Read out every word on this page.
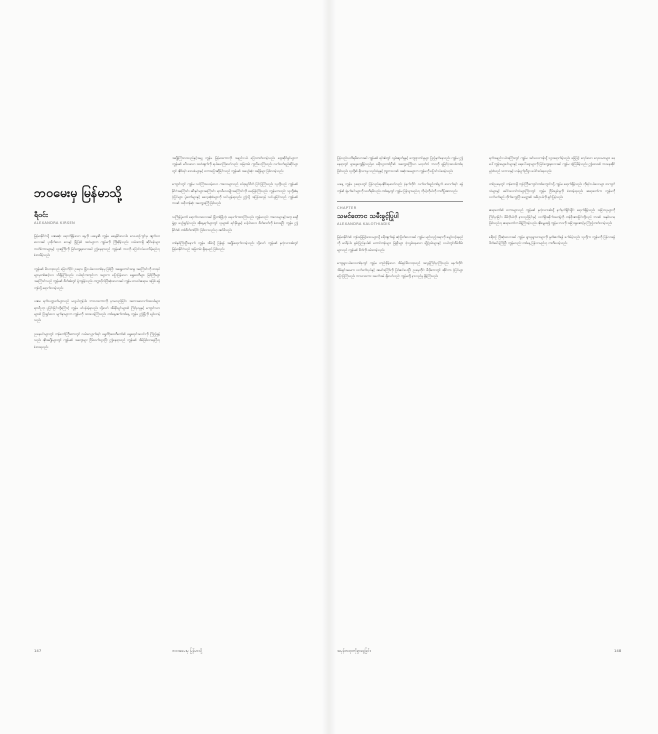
ဘဝမေးမှ မြန်မာသို့
ရီဝင်း
ALEXANDRA KIRSEN

မြန်မာနိုင်ငံသို့ ပထမဆုံး ရောက်ရှိခဲ့သော နေ့ကို ယနေ့ထိ ကျွန်မ မမေ့နိုင်သေးပါ။ လေယာဉ်ကွင်းမှ ထွက်လာသောအခါ ပူအိုက်သော လေနှင့် မြို့ပြ၏ အသံများက ကျွန်မကို ကြိုဆိုခဲ့သည်။ လမ်းဘေးရှိ ဆိုင်ခန်းများ၊ ဘတ်စ်ကားများနှင့် လူထုကြီးကို မြင်တွေ့ရသောအခါ ဤနေရာသည် ကျွန်မ၏ ဘဝကို ပြောင်းလဲပေးလိမ့်မည်ဟု ခံစားမိခဲ့သည်။

ကျွန်မ၏ မိသားစုသည် မြောက်ပိုင်း ဥရောပ မြို့ငယ်လေးတစ်ခုမှ ဖြစ်ပြီး အရှေ့တောင်အာရှ အကြောင်းကို စာအုပ်များမှတစ်ဆင့်သာ သိရှိခဲ့ကြသည်။ ငယ်စဉ်ကတည်းက အဖွားက ပြောပြခဲ့သော ရွှေစေတီများ၊ မြစ်ကြီးများ အကြောင်းသည် ကျွန်မ၏ စိတ်ထဲတွင် စွဲကျန်ခဲ့သည်။ တက္ကသိုလ်ပြီးဆုံးသောအခါ ကျွန်မ စာသင်ဆရာမ အဖြစ် ရန်ကုန်သို့ ရောက်လာခဲ့သည်။

ပထမ ရက်သတ္တပတ်များသည် မလွယ်ကူခဲ့ပါ။ ဘာသာစကားကို နားမလည်ခြင်း၊ အစားအသောက်အသစ်များ၊ ရာသီဥတု ပူပြင်းခြင်းတို့ကြောင့် ကျွန်မ ပင်ပန်းခဲ့ရသည်။ သို့သော် အိမ်နီးချင်းများ၏ ကြင်နာမှုနှင့် ကျောင်းသားများ၏ ပြုံးရွှင်သော မျက်နှာများက ကျွန်မကို အားပေးခဲ့ကြသည်။ တစ်နေ့ထက်တစ်နေ့ ကျွန်မ ဤမြို့ကို ချစ်လာခဲ့သည်။

ညနေခင်းများတွင် ကန်တော်ကြီးဘေးတွင် လမ်းလျှောက်ရင်း ရွှေတိဂုံစေတီတော်၏ ရွှေရောင်အလင်းကို ကြည့်ရှုခဲ့သည်။ ထိုအချိန်များတွင် ကျွန်မ၏ အတွေးများ ငြိမ်သက်သွားပြီး ဤနေရာသည် ကျွန်မ၏ အိမ်ဖြစ်လာနေပြီဟု ခံစားရသည်။

အချိန်ကြာလာသည်နှင့်အမျှ ကျွန်မ မြန်မာစကားကို အနည်းငယ် ပြောတတ်လာခဲ့သည်။ ဈေးဆိုင်ရှင်များက ကျွန်မ၏ မပီသသော အသံထွက်ကို ရယ်မောကြသော်လည်း အမြဲတမ်း ကူညီပေးကြသည်။ လက်ဖက်ရည်ဆိုင်များတွင် ထိုင်ရင်း ဒေသခံများနှင့် စကားပြောဆိုခြင်းသည် ကျွန်မ၏ အပျော်ဆုံး အချိန်များ ဖြစ်လာခဲ့သည်။

ကျောင်းတွင် ကျွန်မ သင်ကြားပေးခဲ့သော ကလေးများသည် စပ်စုချင်စိတ် ပြင်းပြကြသည်။ သူတို့သည် ကျွန်မ၏ နိုင်ငံအကြောင်း၊ ဆီးနှင်းများအကြောင်း၊ ရာသီလေးမျိုးအကြောင်းကို မေးမြန်းကြသည်။ ကျွန်မကလည်း သူတို့ထံမှ ပုံပြင်များ၊ ပွဲတော်များနှင့် ဓလေ့ထုံးစံများကို သင်ယူခဲ့ရသည်။ ဤသို့ အပြန်အလှန် သင်ယူခြင်းသည် ကျွန်မ၏ ဘဝ၏ အဖိုးတန်ဆုံး အတွေ့အကြုံ ဖြစ်သည်။

သင်္ကြန်ပွဲတော် ရောက်လာသောအခါ မြို့တစ်မြို့လုံး ရေပက်ကစားကြသည်။ ကျွန်မလည်း ကလေးများနှင့်အတူ ရေစိုရွှဲစွာ ပျော်ရွှင်ခဲ့သည်။ ထိုနေ့ရက်များတွင် လူများ၏ ရင်းနှီးမှုနှင့် ပေါ့ပါးသော စိတ်ဓာတ်ကို ခံစားရပြီး ကျွန်မ ဤနိုင်ငံ၏ တစ်စိတ်တစ်ပိုင်း ဖြစ်လာသည်ဟု ထင်မိသည်။

တစ်နှစ်ကြာပြီးနောက် ကျွန်မ အိမ်သို့ ပြန်ရန် အချိန်ရောက်လာခဲ့သည်။ သို့သော် ကျွန်မ၏ နှလုံးသားထဲတွင် မြန်မာနိုင်ငံသည် အမြဲတမ်း ရှိနေမည် ဖြစ်သည်။

147	ဘဝအမေးမှ မြန်မာသို့

ပြန်လည်သတိရမိသောအခါ ကျွန်မ၏ ရင်ထဲတွင် လွမ်းဆွတ်မှုနှင့် ကျေးဇူးတင်မှုများ ပြည့်နှက်နေသည်။ ကျွန်မ ဤနေရာတွင် ရှာဖွေတွေ့ရှိခဲ့သည်မှာ ခရီးသွားတစ်ဦး၏ အတွေ့အကြုံသာ မဟုတ်ဘဲ ဘဝကို ရှုမြင်ပုံအသစ်တစ်ခု ဖြစ်သည်။ လူတို့၏ ရိုးသားမှု၊ သည်းခံမှုနှင့် ဗုဒ္ဓဘာသာ၏ အဆုံးအမများက ကျွန်မကို ပြောင်းလဲစေခဲ့သည်။

ယနေ့ ကျွန်မ ဥရောပတွင် ပြန်လည်နေထိုင်နေသော်လည်း နံနက်တိုင်း လက်ဖက်ရည်တစ်ခွက် သောက်ရင်း ရန်ကုန်၏ နံနက်ခင်းများကို သတိရမိသည်။ တစ်နေ့တွင် ကျွန်မ ပြန်သွားမည်ဟု ကိုယ့်ကိုယ်ကို ကတိပြုထားသည်။

CHAPTER
သမင်တောင သမီးခွင့်ပြုပါ
ALEXANDRA KALOTHIADIS

မြန်မာနိုင်ငံ၏ ကုန်းမြေမြင့်ဒေသများသို့ ခရီးထွက်ရန် ဆုံးဖြတ်သောအခါ ကျွန်မ မည်သည့်အရာကို မျှော်လင့်ရမည်ကို မသိခဲ့ပါ။ ရှမ်းပြည်နယ်၏ တောင်တန်းများ၊ မြူခိုးများ ဖုံးလွှမ်းနေသော ချိုင့်ဝှမ်းများနှင့် လယ်ကွင်းစိမ်းစိမ်းများသည် ကျွန်မ၏ စိတ်ကို ဖမ်းစားခဲ့သည်။

ကျေးရွာငယ်လေးတစ်ခုတွင် ကျွန်မ တည်းခိုခဲ့သော အိမ်ရှင်မိသားစုသည် အလွန်ကြင်နာကြသည်။ မနက်တိုင်း အိမ်ရှင်အမေက လက်ဖက်သုပ်နှင့် ထမင်းကြော်ကို ပြင်ဆင်ပေးပြီး ညနေတိုင်း မီးဖိုဘေးတွင် ထိုင်ကာ ပုံပြင်များ ပြောပြကြသည်။ ဘာသာစကား အခက်အခဲ ရှိသော်လည်း ကျွန်မတို့ နားလည်မှု ရှိခဲ့ကြသည်။

ရက်အနည်းငယ်အကြာတွင် ကျွန်မ အင်းလေးကန်သို့ သွားရောက်ခဲ့သည်။ ခြေဖြင့် လှော်သော လှေသမားများ၊ ရေပေါ်ကျွန်းမျောခင်းများနှင့် ရေပေါ်ဈေးများကို မြင်တွေ့ရသောအခါ ကျွန်မ အံ့ဩမိခဲ့သည်။ ဤဒေသ၏ ဘဝနေထိုင်မှုပုံစံသည် သဘာဝနှင့် ဟန်ချက်ညီစွာ ပေါင်းစပ်နေသည်။

တစ်ညနေတွင် ကန်ဘေးရှိ ဘုန်းကြီးကျောင်းတစ်ကျောင်းသို့ ကျွန်မ ရောက်ရှိခဲ့သည်။ ကိုရင်ငယ်လေးများ စာကျက်သံများနှင့် ခေါင်းလောင်းသံများကြားတွင် ကျွန်မ ငြိမ်းချမ်းမှုကို ခံစားခဲ့ရသည်။ ဆရာတော်က ကျွန်မကို လက်ဖက်ရည် တိုက်ကျွေးပြီး မေတ္တာ၏ အဓိပ္ပာယ်ကို ရှင်းပြခဲ့သည်။

ဆရာတော်၏ စကားများသည် ကျွန်မ၏ နှလုံးသားထဲသို့ နက်နက်ရှိုင်းရှိုင်း ရောက်ရှိခဲ့သည်။ အခြားသူများကို ကြင်နာခြင်း၊ မိမိကိုယ်ကို နားလည်ခြင်းနှင့် လက်ရှိအခိုက်အတန့်ကို တန်ဖိုးထားခြင်းတို့သည် ဘဝ၏ အနှစ်သာရ ဖြစ်သည်ဟု ဆရာတော်က မိန့်ကြားခဲ့သည်။ ထိုနေ့မှစ၍ ကျွန်မ ဘဝကို အခြားရှုထောင့်မှ ကြည့်တတ်လာခဲ့သည်။

ခရီးစဉ် ပြီးဆုံးသောအခါ ကျွန်မ ရွာသူရွာသားများကို နှုတ်ဆက်ရန် ခက်ခဲခဲ့သည်။ သူတို့က ကျွန်မကို ပြန်လာရန် ဖိတ်ခေါ်ခဲ့ကြပြီး ကျွန်မလည်း တစ်နေ့ ပြန်လာမည်ဟု ကတိပေးခဲ့သည်။

အမှန်တရားကိုရှာဖွေခြင်း	148
